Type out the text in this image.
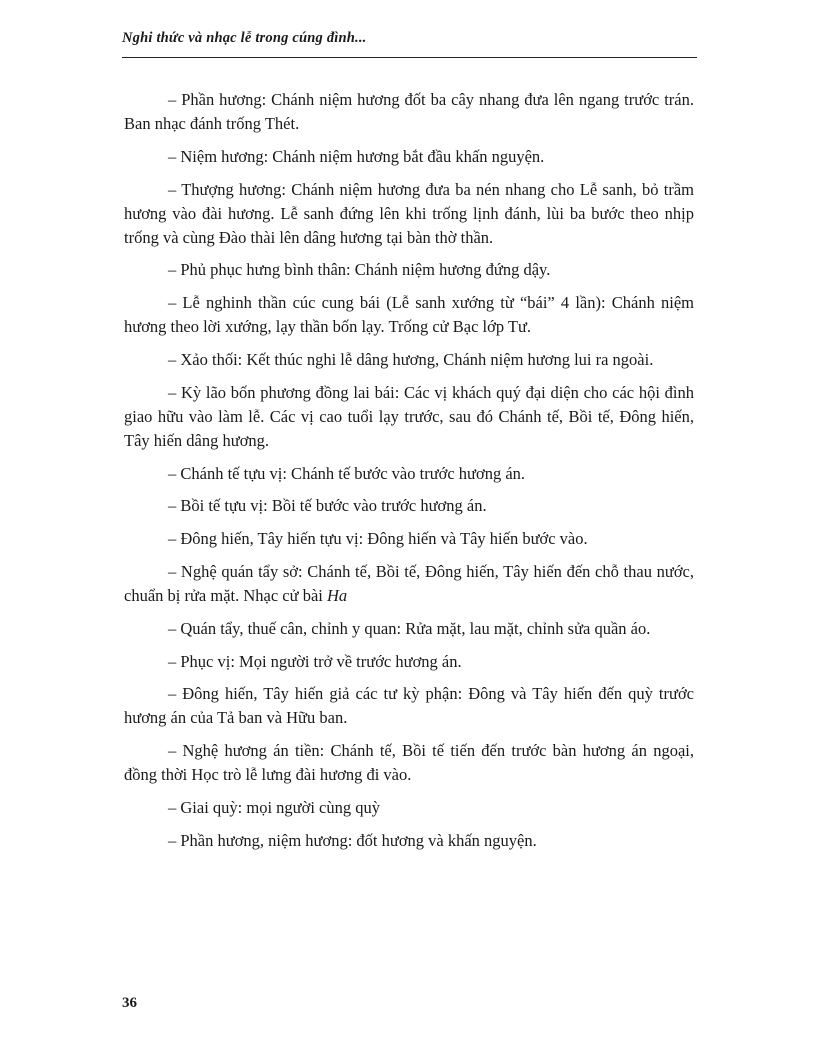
Nghi thức và nhạc lễ trong cúng đình...

– Phần hương: Chánh niệm hương đốt ba cây nhang đưa lên ngang trước trán. Ban nhạc đánh trống Thét.

– Niệm hương: Chánh niệm hương bắt đầu khấn nguyện.

– Thượng hương: Chánh niệm hương đưa ba nén nhang cho Lễ sanh, bỏ trầm hương vào đài hương. Lễ sanh đứng lên khi trống lịnh đánh, lùi ba bước theo nhịp trống và cùng Đào thài lên dâng hương tại bàn thờ thần.

– Phủ phục hưng bình thân: Chánh niệm hương đứng dậy.

– Lễ nghinh thần cúc cung bái (Lễ sanh xướng từ “bái” 4 lần): Chánh niệm hương theo lời xướng, lạy thần bốn lạy. Trống cử Bạc lớp Tư.

– Xảo thối: Kết thúc nghi lễ dâng hương, Chánh niệm hương lui ra ngoài.

– Kỳ lão bốn phương đồng lai bái: Các vị khách quý đại diện cho các hội đình giao hữu vào làm lễ. Các vị cao tuổi lạy trước, sau đó Chánh tế, Bồi tế, Đông hiến, Tây hiến dâng hương.

– Chánh tế tựu vị: Chánh tế bước vào trước hương án.

– Bồi tế tựu vị: Bồi tế bước vào trước hương án.

– Đông hiến, Tây hiến tựu vị: Đông hiến và Tây hiến bước vào.

– Nghệ quán tẩy sở: Chánh tế, Bồi tế, Đông hiến, Tây hiến đến chỗ thau nước, chuẩn bị rửa mặt. Nhạc cử bài Ha

– Quán tẩy, thuế cân, chỉnh y quan: Rửa mặt, lau mặt, chỉnh sửa quần áo.

– Phục vị: Mọi người trở về trước hương án.

– Đông hiến, Tây hiến giả các tư kỳ phận: Đông và Tây hiến đến quỳ trước hương án của Tả ban và Hữu ban.

– Nghệ hương án tiền: Chánh tế, Bồi tế tiến đến trước bàn hương án ngoại, đồng thời Học trò lễ lưng đài hương đi vào.

– Giai quỳ: mọi người cùng quỳ

– Phần hương, niệm hương: đốt hương và khấn nguyện.

36
